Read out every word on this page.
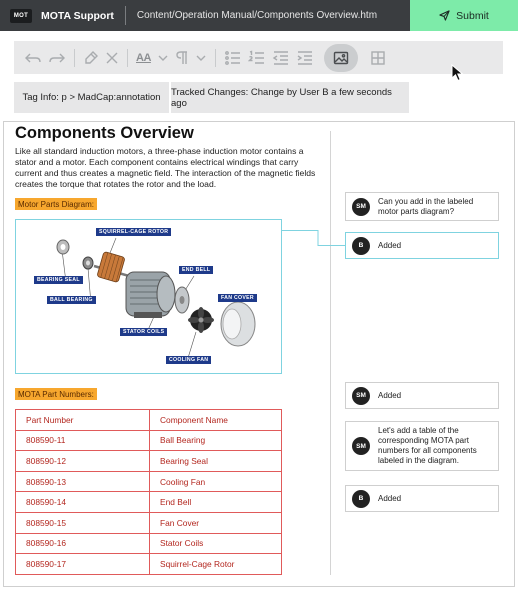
MOT	MOTA Support Content/Operation Manual/Components Overview.htm	Submit
AA
Tag Info: p > MadCap:annotation	Tracked Changes: Change by User B a few seconds ago
Components Overview

Like all standard induction motors, a three-phase induction motor contains a stator and a motor. Each component contains electrical windings that carry current and thus creates a magnetic field. The interaction of the magnetic fields creates the torque that rotates the rotor and the load.

Motor Parts Diagram:
SQUIRREL-CAGE ROTOR
BEARING SEAL
BALL BEARING
END BELL
FAN COVER
STATOR COILS
COOLING FAN
MOTA Part Numbers:
Part Number	Component Name
808590-11	Ball Bearing
808590-12	Bearing Seal
808590-13	Cooling Fan
808590-14	End Bell
808590-15	Fan Cover
808590-16	Stator Coils
808590-17	Squirrel-Cage Rotor
SM
Can you add in the labeled motor parts diagram?
B	Added
SM	Added
SM
Let's add a table of the corresponding MOTA part numbers for all components labeled in the diagram.
B	Added
